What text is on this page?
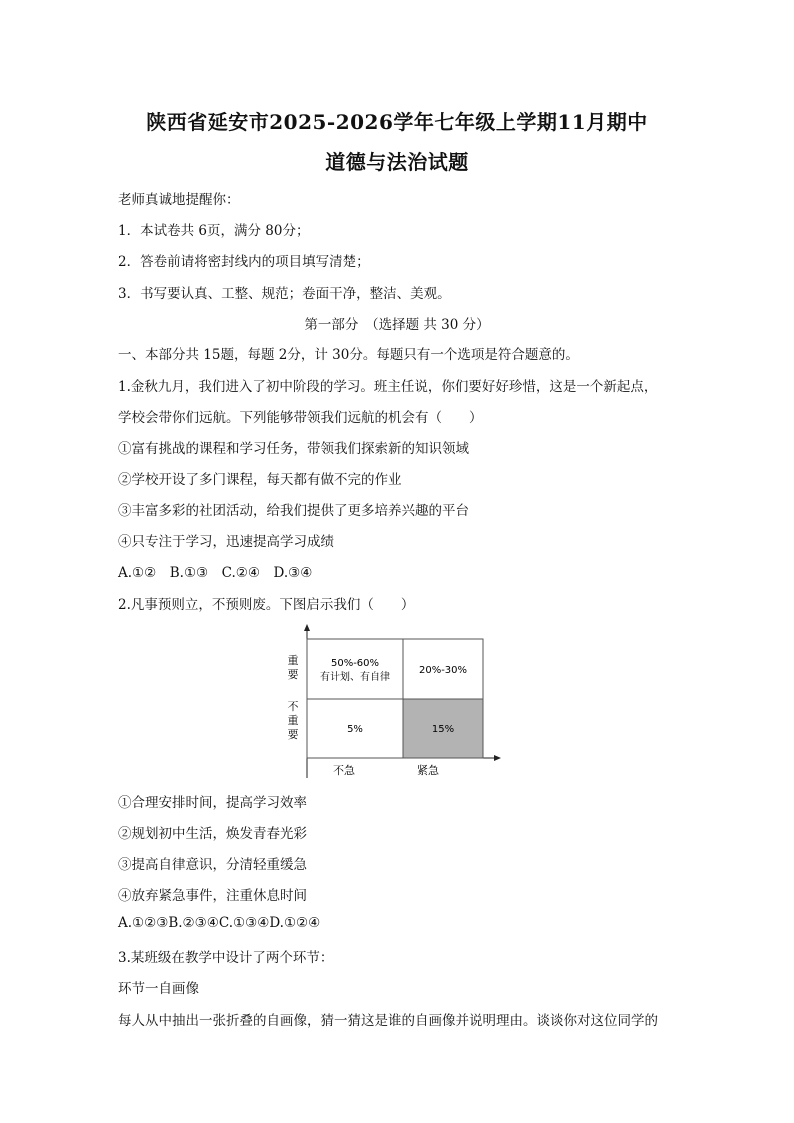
陕西省延安市2025-2026学年七年级上学期11月期中
道德与法治试题
老师真诚地提醒你：
1．本试卷共 6页，满分 80分；
2．答卷前请将密封线内的项目填写清楚；
3．书写要认真、工整、规范；卷面干净，整洁、美观。
第一部分　（选择题 共 30 分）
一、本部分共 15题，每题 2分，计 30分。每题只有一个选项是符合题意的。
1.金秋九月，我们进入了初中阶段的学习。班主任说，你们要好好珍惜，这是一个新起点，
学校会带你们远航。下列能够带领我们远航的机会有（　　）
①富有挑战的课程和学习任务，带领我们探索新的知识领域
②学校开设了多门课程，每天都有做不完的作业
③丰富多彩的社团活动，给我们提供了更多培养兴趣的平台
④只专注于学习，迅速提高学习成绩
A.①②　B.①③　C.②④　D.③④
2.凡事预则立，不预则废。下图启示我们（　　）
50%-60%
有计划、有自律
20%-30%
5%	15%
重要
不重要
不急	紧急
①合理安排时间，提高学习效率
②规划初中生活，焕发青春光彩
③提高自律意识，分清轻重缓急
④放弃紧急事件，注重休息时间
A.①②③B.②③④C.①③④D.①②④
3.某班级在教学中设计了两个环节：
环节一自画像
每人从中抽出一张折叠的自画像，猜一猜这是谁的自画像并说明理由。谈谈你对这位同学的
